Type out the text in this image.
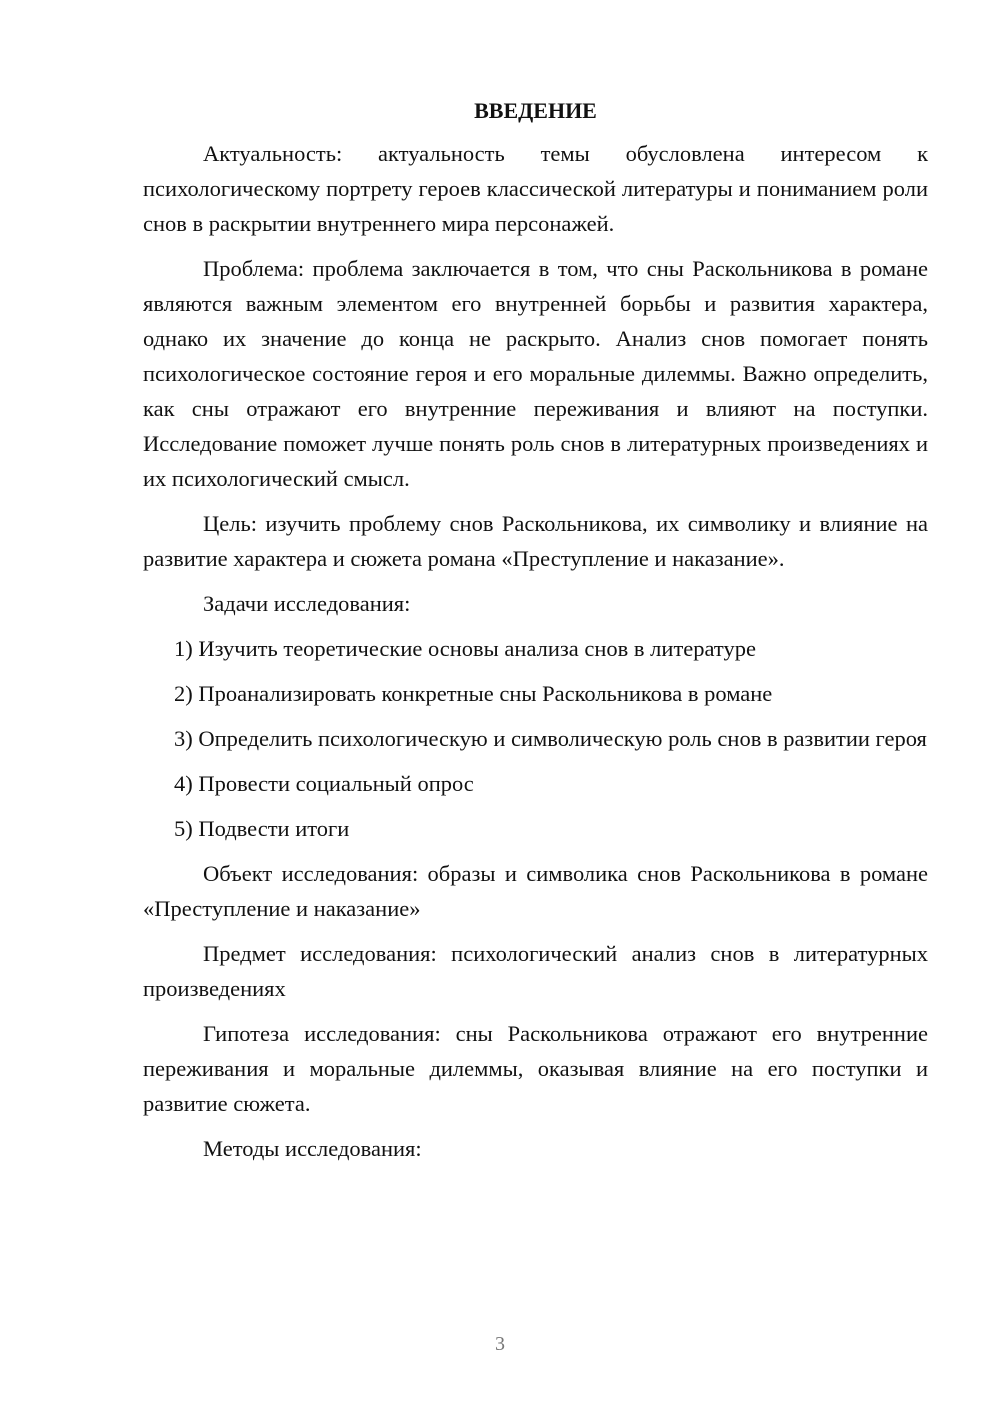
ВВЕДЕНИЕ

Актуальность: актуальность темы обусловлена интересом к психологическому портрету героев классической литературы и пониманием роли снов в раскрытии внутреннего мира персонажей.

Проблема: проблема заключается в том, что сны Раскольникова в романе являются важным элементом его внутренней борьбы и развития характера, однако их значение до конца не раскрыто. Анализ снов помогает понять психологическое состояние героя и его моральные дилеммы. Важно определить, как сны отражают его внутренние переживания и влияют на поступки. Исследование поможет лучше понять роль снов в литературных произведениях и их психологический смысл.

Цель: изучить проблему снов Раскольникова, их символику и влияние на развитие характера и сюжета романа «Преступление и наказание».

Задачи исследования:

1) Изучить теоретические основы анализа снов в литературе

2) Проанализировать конкретные сны Раскольникова в романе

3) Определить психологическую и символическую роль снов в развитии героя

4) Провести социальный опрос

5) Подвести итоги

Объект исследования: образы и символика снов Раскольникова в романе «Преступление и наказание»

Предмет исследования: психологический анализ снов в литературных произведениях

Гипотеза исследования: сны Раскольникова отражают его внутренние переживания и моральные дилеммы, оказывая влияние на его поступки и развитие сюжета.

Методы исследования:

3
